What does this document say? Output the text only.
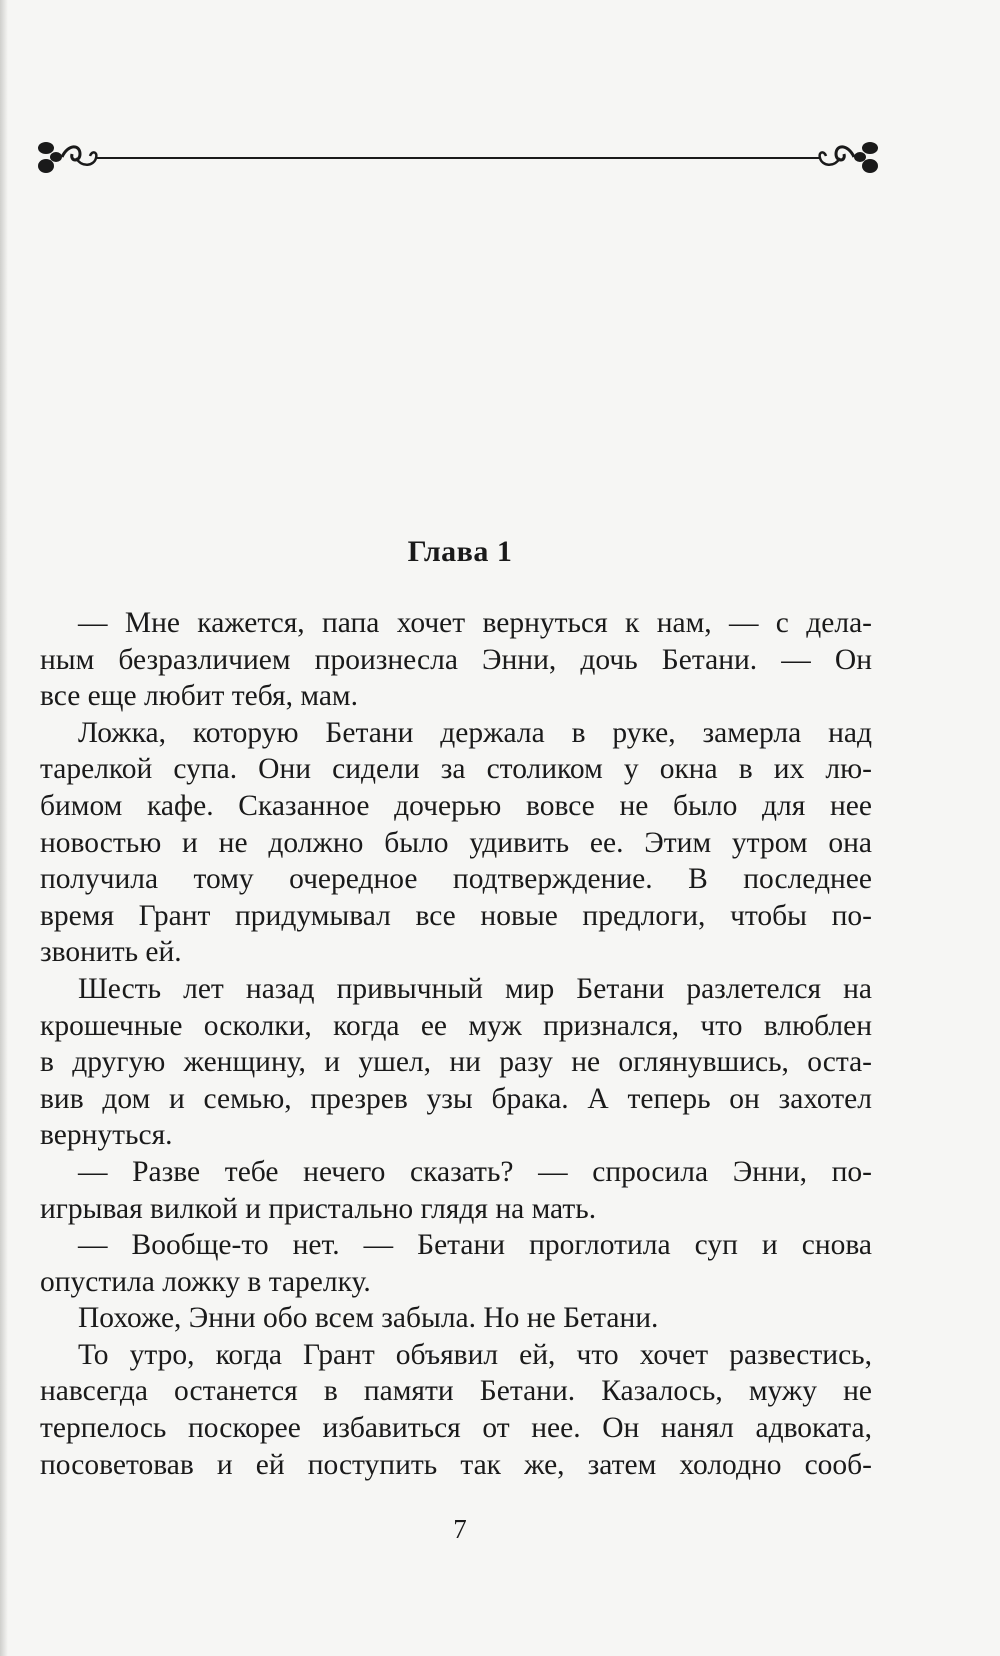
Глава 1

— Мне кажется, папа хочет вернуться к нам, — с дела-
ным безразличием произнесла Энни, дочь Бетани. — Он
все еще любит тебя, мам.

Ложка, которую Бетани держала в руке, замерла над
тарелкой супа. Они сидели за столиком у окна в их лю-
бимом кафе. Сказанное дочерью вовсе не было для нее
новостью и не должно было удивить ее. Этим утром она
получила тому очередное подтверждение. В последнее
время Грант придумывал все новые предлоги, чтобы по-
звонить ей.

Шесть лет назад привычный мир Бетани разлетелся на
крошечные осколки, когда ее муж признался, что влюблен
в другую женщину, и ушел, ни разу не оглянувшись, оста-
вив дом и семью, презрев узы брака. А теперь он захотел
вернуться.

— Разве тебе нечего сказать? — спросила Энни, по-
игрывая вилкой и пристально глядя на мать.

— Вообще-то нет. — Бетани проглотила суп и снова
опустила ложку в тарелку.

Похоже, Энни обо всем забыла. Но не Бетани.

То утро, когда Грант объявил ей, что хочет развестись,
навсегда останется в памяти Бетани. Казалось, мужу не
терпелось поскорее избавиться от нее. Он нанял адвоката,
посоветовав и ей поступить так же, затем холодно сооб-

7
